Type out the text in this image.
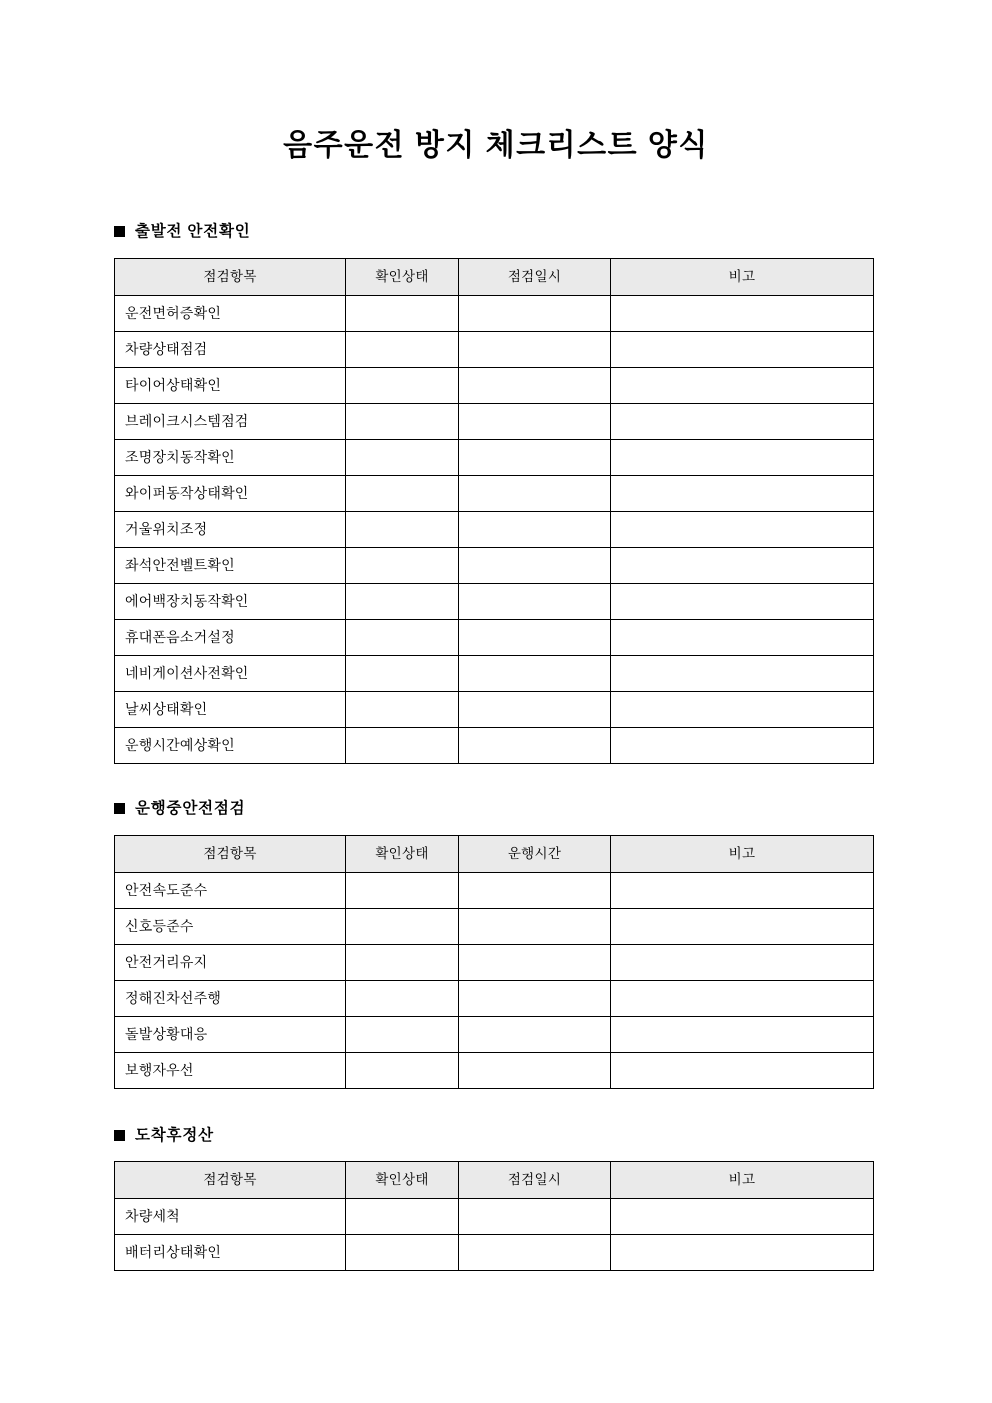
음주운전 방지 체크리스트 양식
출발전 안전확인
점검항목	확인상태	점검일시	비고
운전면허증확인			
차량상태점검			
타이어상태확인			
브레이크시스템점검			
조명장치동작확인			
와이퍼동작상태확인			
거울위치조정			
좌석안전벨트확인			
에어백장치동작확인			
휴대폰음소거설정			
네비게이션사전확인			
날씨상태확인			
운행시간예상확인			
운행중안전점검
점검항목	확인상태	운행시간	비고
안전속도준수			
신호등준수			
안전거리유지			
정해진차선주행			
돌발상황대응			
보행자우선			
도착후정산
점검항목	확인상태	점검일시	비고
차량세척			
배터리상태확인			
